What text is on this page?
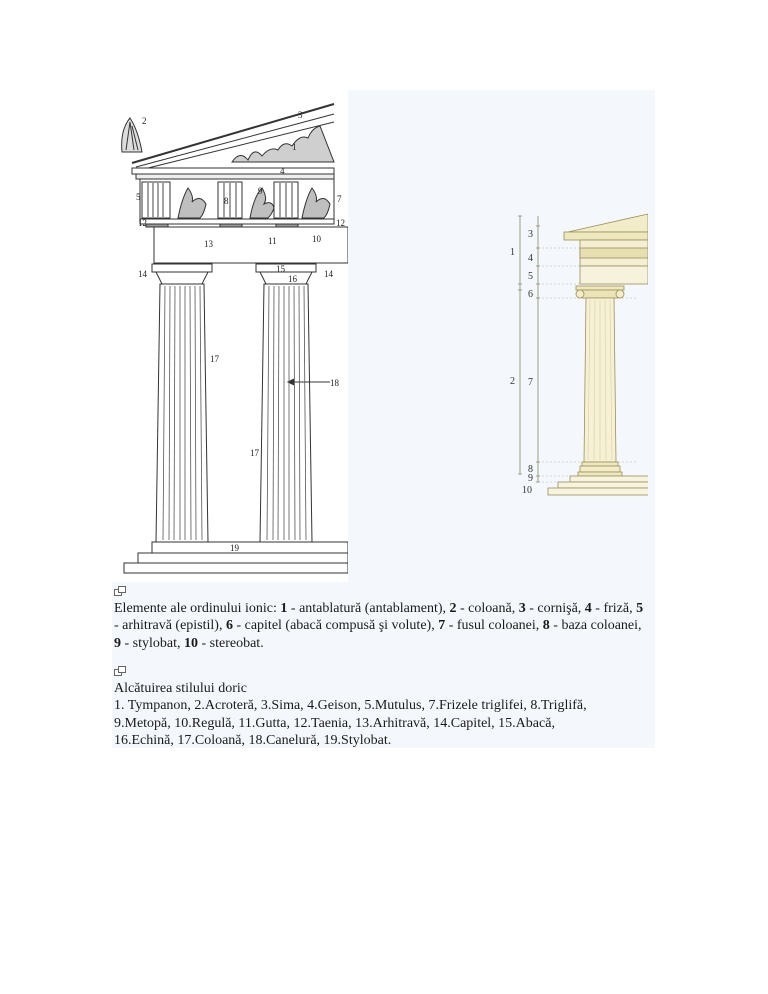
2
3
1
4
5	7
8
9
12	12
10
11
13
14	14
15
16
17
17
18
19
1
2
3
4
5
6
7
8
9
10
Elemente ale ordinului ionic: 1 - antablatură (antablament), 2 - coloană, 3 - cornişă, 4 - friză, 5 - arhitravă (epistil), 6 - capitel (abacă compusă şi volute), 7 - fusul coloanei, 8 - baza coloanei, 9 - stylobat, 10 - stereobat.
Alcătuirea stilului doric
1. Tympanon, 2.Acroteră, 3.Sima, 4.Geison, 5.Mutulus, 7.Frizele triglifei, 8.Triglifă,
9.Metopă, 10.Regulă, 11.Gutta, 12.Taenia, 13.Arhitravă, 14.Capitel, 15.Abacă,
16.Echină, 17.Coloană, 18.Canelură, 19.Stylobat.
